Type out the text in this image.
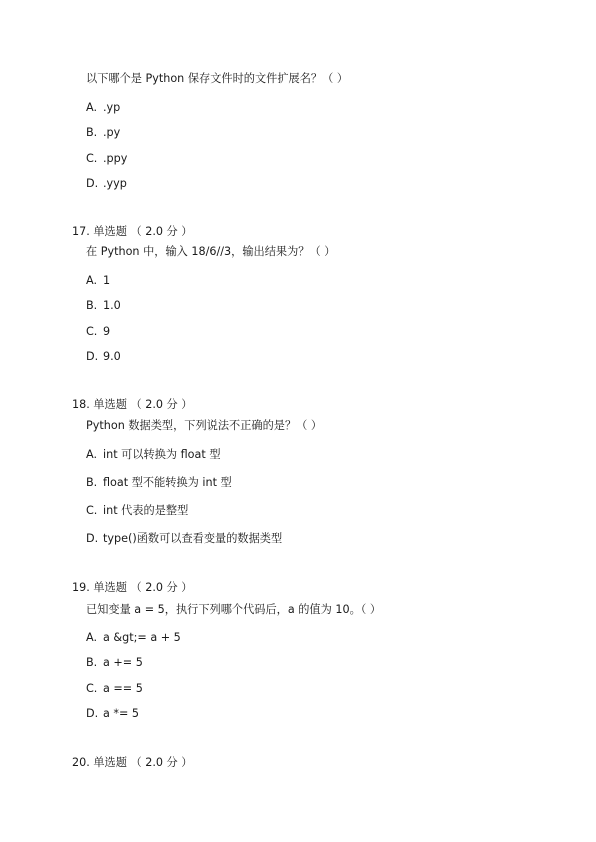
以下哪个是 Python 保存文件时的文件扩展名？（ ）
A. .yp
B. .py
C. .ppy
D. .yyp
17. 单选题 （ 2.0 分 ）
在 Python 中，输入 18/6//3，输出结果为？（ ）
A. 1
B. 1.0
C. 9
D. 9.0
18. 单选题 （ 2.0 分 ）
Python 数据类型，下列说法不正确的是？（ ）
A. int 可以转换为 float 型
B. float 型不能转换为 int 型
C. int 代表的是整型
D. type()函数可以查看变量的数据类型
19. 单选题 （ 2.0 分 ）
已知变量 a = 5，执行下列哪个代码后，a 的值为 10。（ ）
A. a &gt;= a + 5
B. a += 5
C. a == 5
D. a *= 5
20. 单选题 （ 2.0 分 ）
